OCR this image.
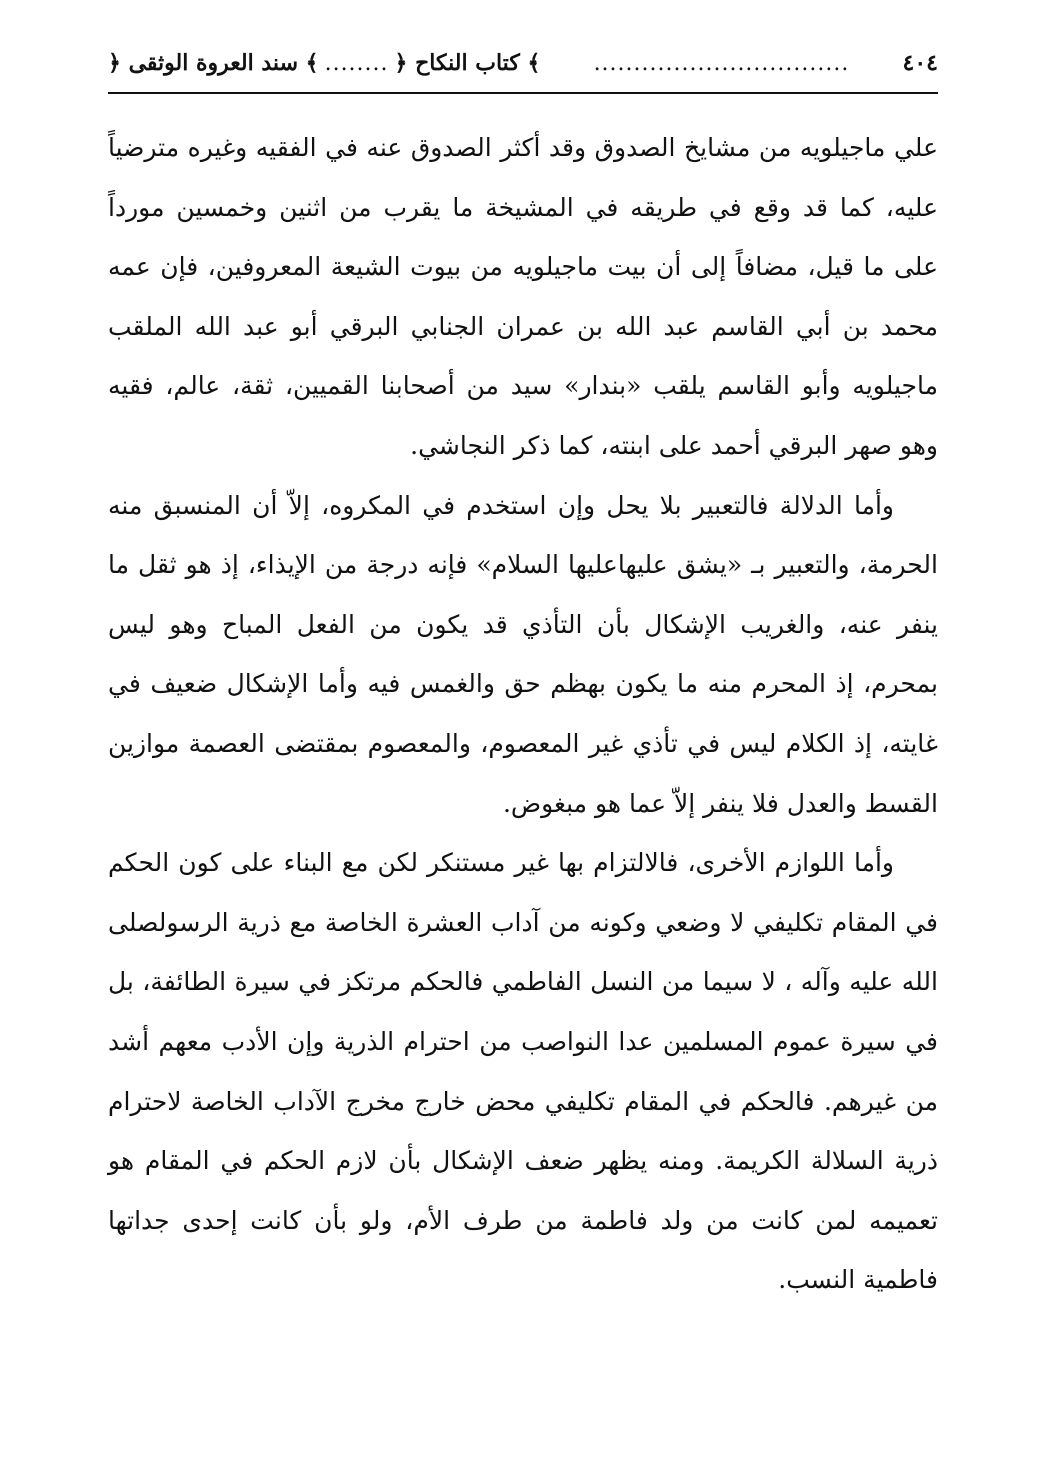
٤٠٤
................................
﴿ سند العروة الوثقى ﴾ ........ ﴿ كتاب النكاح ﴾

علي ماجيلويه من مشايخ الصدوق وقد أكثر الصدوق عنه في الفقيه وغيره مترضياً عليه، كما قد وقع في طريقه في المشيخة ما يقرب من اثنين وخمسين مورداً على ما قيل، مضافاً إلى أن بيت ماجيلويه من بيوت الشيعة المعروفين، فإن عمه محمد بن أبي القاسم عبد الله بن عمران الجنابي البرقي أبو عبد الله الملقب ماجيلويه وأبو القاسم يلقب «بندار» سيد من أصحابنا القميين، ثقة، عالم، فقيه وهو صهر البرقي أحمد على ابنته، كما ذكر النجاشي.

وأما الدلالة فالتعبير بلا يحل وإن استخدم في المكروه، إلاّ أن المنسبق منه الحرمة، والتعبير بـ «يشق عليهاعليها السلام» فإنه درجة من الإيذاء، إذ هو ثقل ما ينفر عنه، والغريب الإشكال بأن التأذي قد يكون من الفعل المباح وهو ليس بمحرم، إذ المحرم منه ما يكون بهظم حق والغمس فيه وأما الإشكال ضعيف في غايته، إذ الكلام ليس في تأذي غير المعصوم، والمعصوم بمقتضى العصمة موازين القسط والعدل فلا ينفر إلاّ عما هو مبغوض.

وأما اللوازم الأخرى، فالالتزام بها غير مستنكر لكن مع البناء على كون الحكم في المقام تكليفي لا وضعي وكونه من آداب العشرة الخاصة مع ذرية الرسولصلى الله عليه وآله ، لا سيما من النسل الفاطمي فالحكم مرتكز في سيرة الطائفة، بل في سيرة عموم المسلمين عدا النواصب من احترام الذرية وإن الأدب معهم أشد من غيرهم. فالحكم في المقام تكليفي محض خارج مخرج الآداب الخاصة لاحترام ذرية السلالة الكريمة. ومنه يظهر ضعف الإشكال بأن لازم الحكم في المقام هو تعميمه لمن كانت من ولد فاطمة من طرف الأم، ولو بأن كانت إحدى جداتها فاطمية النسب.
